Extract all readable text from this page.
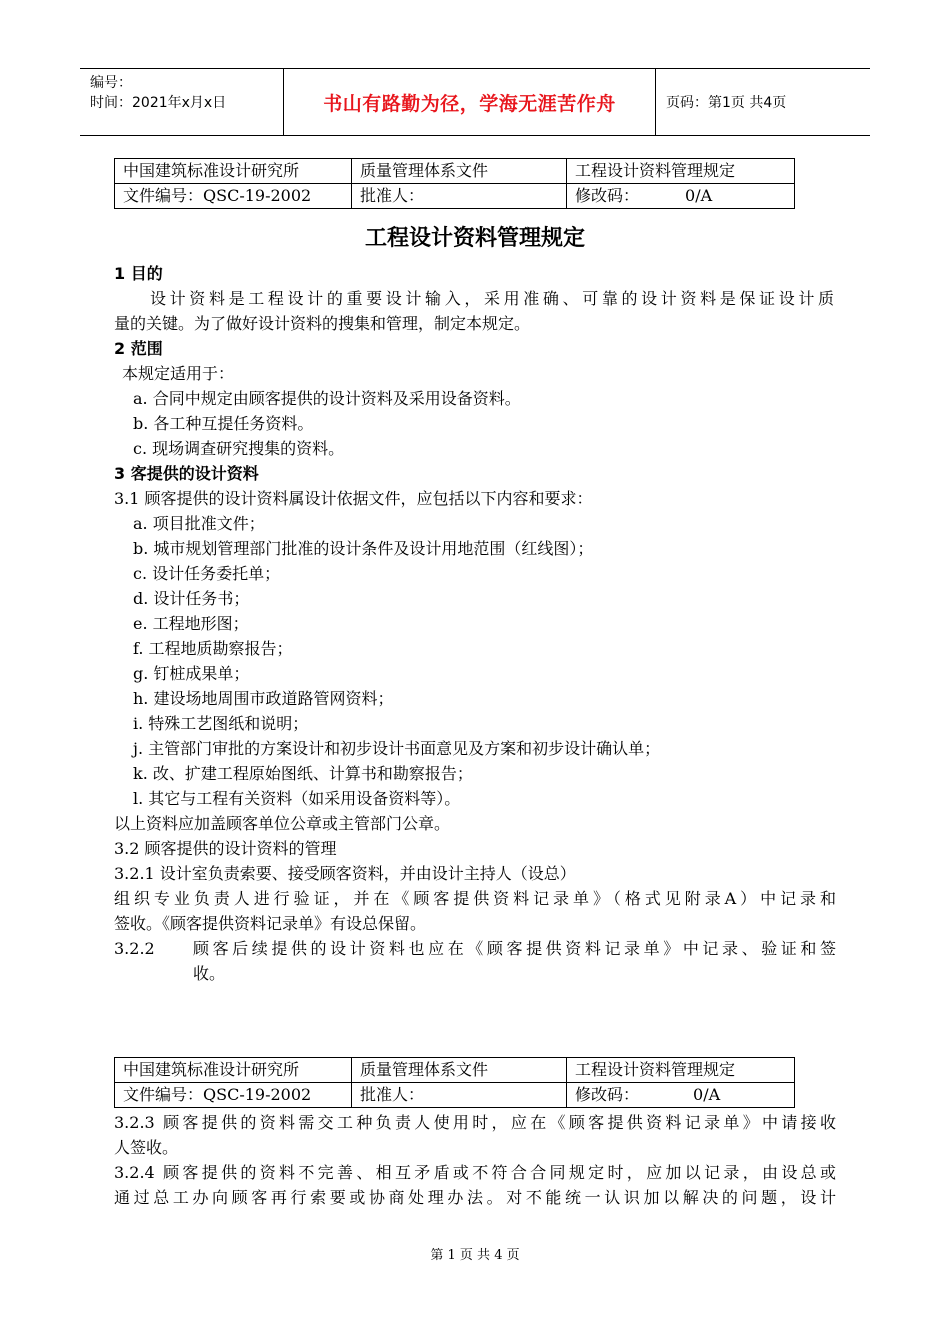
编号：
时间：2021年x月x日	书山有路勤为径，学海无涯苦作舟	页码：第1页 共4页
中国建筑标准设计研究所	质量管理体系文件	工程设计资料管理规定
文件编号：QSC-19-2002	批准人：	修改码： 0/A
工程设计资料管理规定
1 目的
设计资料是工程设计的重要设计输入，采用准确、可靠的设计资料是保证设计质
量的关键。为了做好设计资料的搜集和管理，制定本规定。
2 范围
本规定适用于：
a. 合同中规定由顾客提供的设计资料及采用设备资料。
b. 各工种互提任务资料。
c. 现场调查研究搜集的资料。
3 客提供的设计资料
3.1 顾客提供的设计资料属设计依据文件，应包括以下内容和要求：
a. 项目批准文件；
b. 城市规划管理部门批准的设计条件及设计用地范围（红线图）；
c. 设计任务委托单；
d. 设计任务书；
e. 工程地形图；
f. 工程地质勘察报告；
g. 钉桩成果单；
h. 建设场地周围市政道路管网资料；
i. 特殊工艺图纸和说明；
j. 主管部门审批的方案设计和初步设计书面意见及方案和初步设计确认单；
k. 改、扩建工程原始图纸、计算书和勘察报告；
l. 其它与工程有关资料（如采用设备资料等）。
以上资料应加盖顾客单位公章或主管部门公章。
3.2 顾客提供的设计资料的管理
3.2.1 设计室负责索要、接受顾客资料，并由设计主持人（设总）
组织专业负责人进行验证，并在《顾客提供资料记录单》（格式见附录A）中记录和
签收。《顾客提供资料记录单》有设总保留。
3.2.2 顾客后续提供的设计资料也应在《顾客提供资料记录单》中记录、验证和签
收。
中国建筑标准设计研究所	质量管理体系文件	工程设计资料管理规定
文件编号：QSC-19-2002	批准人：	修改码： 0/A
3.2.3 顾客提供的资料需交工种负责人使用时，应在《顾客提供资料记录单》中请接收
人签收。
3.2.4 顾客提供的资料不完善、相互矛盾或不符合合同规定时，应加以记录，由设总或
通过总工办向顾客再行索要或协商处理办法。对不能统一认识加以解决的问题，设计
第 1 页 共 4 页
